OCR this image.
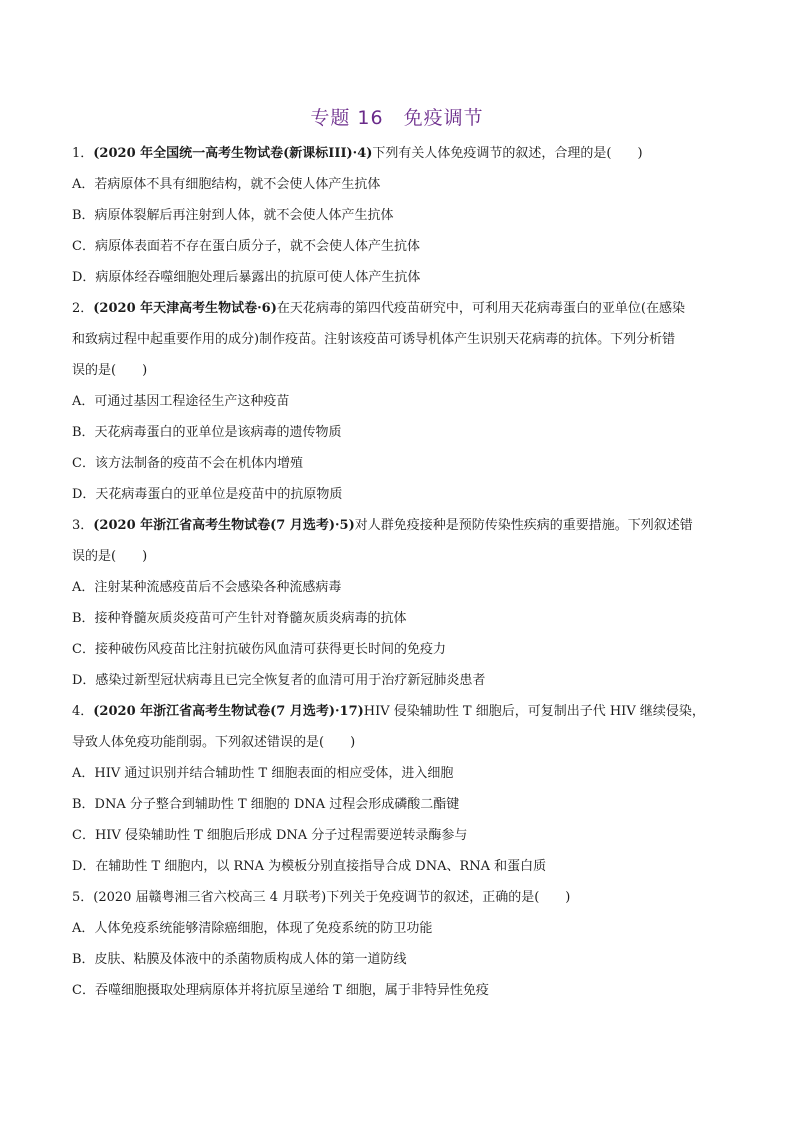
专题 16　免疫调节
1．(2020 年全国统一高考生物试卷(新课标III)·4)下列有关人体免疫调节的叙述，合理的是(　　)
A．若病原体不具有细胞结构，就不会使人体产生抗体
B．病原体裂解后再注射到人体，就不会使人体产生抗体
C．病原体表面若不存在蛋白质分子，就不会使人体产生抗体
D．病原体经吞噬细胞处理后暴露出的抗原可使人体产生抗体
2．(2020 年天津高考生物试卷·6)在天花病毒的第四代疫苗研究中，可利用天花病毒蛋白的亚单位(在感染
和致病过程中起重要作用的成分)制作疫苗。注射该疫苗可诱导机体产生识别天花病毒的抗体。下列分析错
误的是(　　)
A．可通过基因工程途径生产这种疫苗
B．天花病毒蛋白的亚单位是该病毒的遗传物质
C．该方法制备的疫苗不会在机体内增殖
D．天花病毒蛋白的亚单位是疫苗中的抗原物质
3．(2020 年浙江省高考生物试卷(7 月选考)·5)对人群免疫接种是预防传染性疾病的重要措施。下列叙述错
误的是(　　)
A．注射某种流感疫苗后不会感染各种流感病毒
B．接种脊髓灰质炎疫苗可产生针对脊髓灰质炎病毒的抗体
C．接种破伤风疫苗比注射抗破伤风血清可获得更长时间的免疫力
D．感染过新型冠状病毒且已完全恢复者的血清可用于治疗新冠肺炎患者
4．(2020 年浙江省高考生物试卷(7 月选考)·17)HIV 侵染辅助性 T 细胞后，可复制出子代 HIV 继续侵染，
导致人体免疫功能削弱。下列叙述错误的是(　　)
A．HIV 通过识别并结合辅助性 T 细胞表面的相应受体，进入细胞
B．DNA 分子整合到辅助性 T 细胞的 DNA 过程会形成磷酸二酯键
C．HIV 侵染辅助性 T 细胞后形成 DNA 分子过程需要逆转录酶参与
D．在辅助性 T 细胞内，以 RNA 为模板分别直接指导合成 DNA、RNA 和蛋白质
5．(2020 届赣粤湘三省六校高三 4 月联考)下列关于免疫调节的叙述，正确的是(　　)
A．人体免疫系统能够清除癌细胞，体现了免疫系统的防卫功能
B．皮肤、粘膜及体液中的杀菌物质构成人体的第一道防线
C．吞噬细胞摄取处理病原体并将抗原呈递给 T 细胞，属于非特异性免疫
